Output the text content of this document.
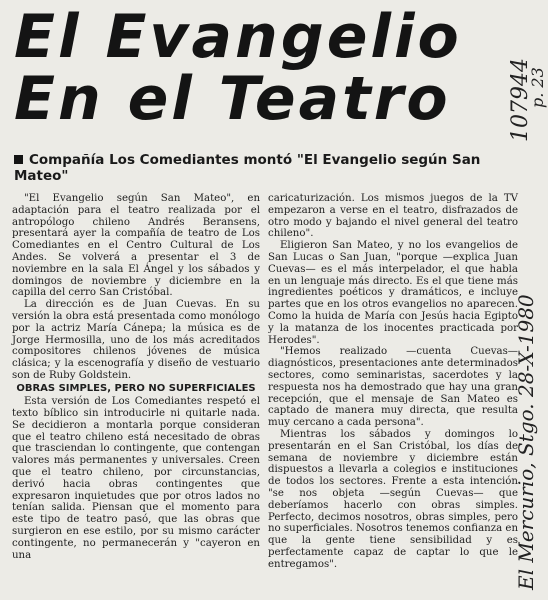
El Evangelio
En el Teatro	107944
p. 23
El Mercurio, Stgo. 28-X-1980
Compañía Los Comediantes montó "El Evangelio según San Mateo"

"El Evangelio según San Mateo", en adaptación para el teatro realizada por el antropólogo chileno Andrés Beransens, presentará ayer la compañía de teatro de Los Comediantes en el Centro Cultural de Los Andes. Se volverá a presentar el 3 de noviembre en la sala El Ángel y los sábados y domingos de noviembre y diciembre en la capilla del cerro San Cristóbal.

La dirección es de Juan Cuevas. En su versión la obra está presentada como monólogo por la actriz María Cánepa; la música es de Jorge Hermosilla, uno de los más acreditados compositores chilenos jóvenes de música clásica; y la escenografía y diseño de vestuario son de Ruby Goldstein.

OBRAS SIMPLES, PERO NO SUPERFICIALES

Esta versión de Los Comediantes respetó el texto bíblico sin introducirle ni quitarle nada. Se decidieron a montarla porque consideran que el teatro chileno está necesitado de obras que trasciendan lo contingente, que contengan valores más permanentes y universales. Creen que el teatro chileno, por circunstancias, derivó hacia obras contingentes que expresaron inquietudes que por otros lados no tenían salida. Piensan que el momento para este tipo de teatro pasó, que las obras que surgieron en ese estilo, por su mismo carácter contingente, no permanecerán y "cayeron en una

caricaturización. Los mismos juegos de la TV empezaron a verse en el teatro, disfrazados de otro modo y bajando el nivel general del teatro chileno".

Eligieron San Mateo, y no los evangelios de San Lucas o San Juan, "porque —explica Juan Cuevas— es el más interpelador, el que habla en un lenguaje más directo. Es el que tiene más ingredientes poéticos y dramáticos, e incluye partes que en los otros evangelios no aparecen. Como la huida de María con Jesús hacia Egipto y la matanza de los inocentes practicada por Herodes".

"Hemos realizado —cuenta Cuevas— diagnósticos, presentaciones ante determinados sectores, como seminaristas, sacerdotes y la respuesta nos ha demostrado que hay una gran recepción, que el mensaje de San Mateo es captado de manera muy directa, que resulta muy cercano a cada persona".

Mientras los sábados y domingos lo presentarán en el San Cristóbal, los días de semana de noviembre y diciembre están dispuestos a llevarla a colegios e instituciones de todos los sectores. Frente a esta intención "se nos objeta —según Cuevas— que deberíamos hacerlo con obras simples. Perfecto, decimos nosotros, obras simples, pero no superficiales. Nosotros tenemos confianza en que la gente tiene sensibilidad y es perfectamente capaz de captar lo que le entregamos".
